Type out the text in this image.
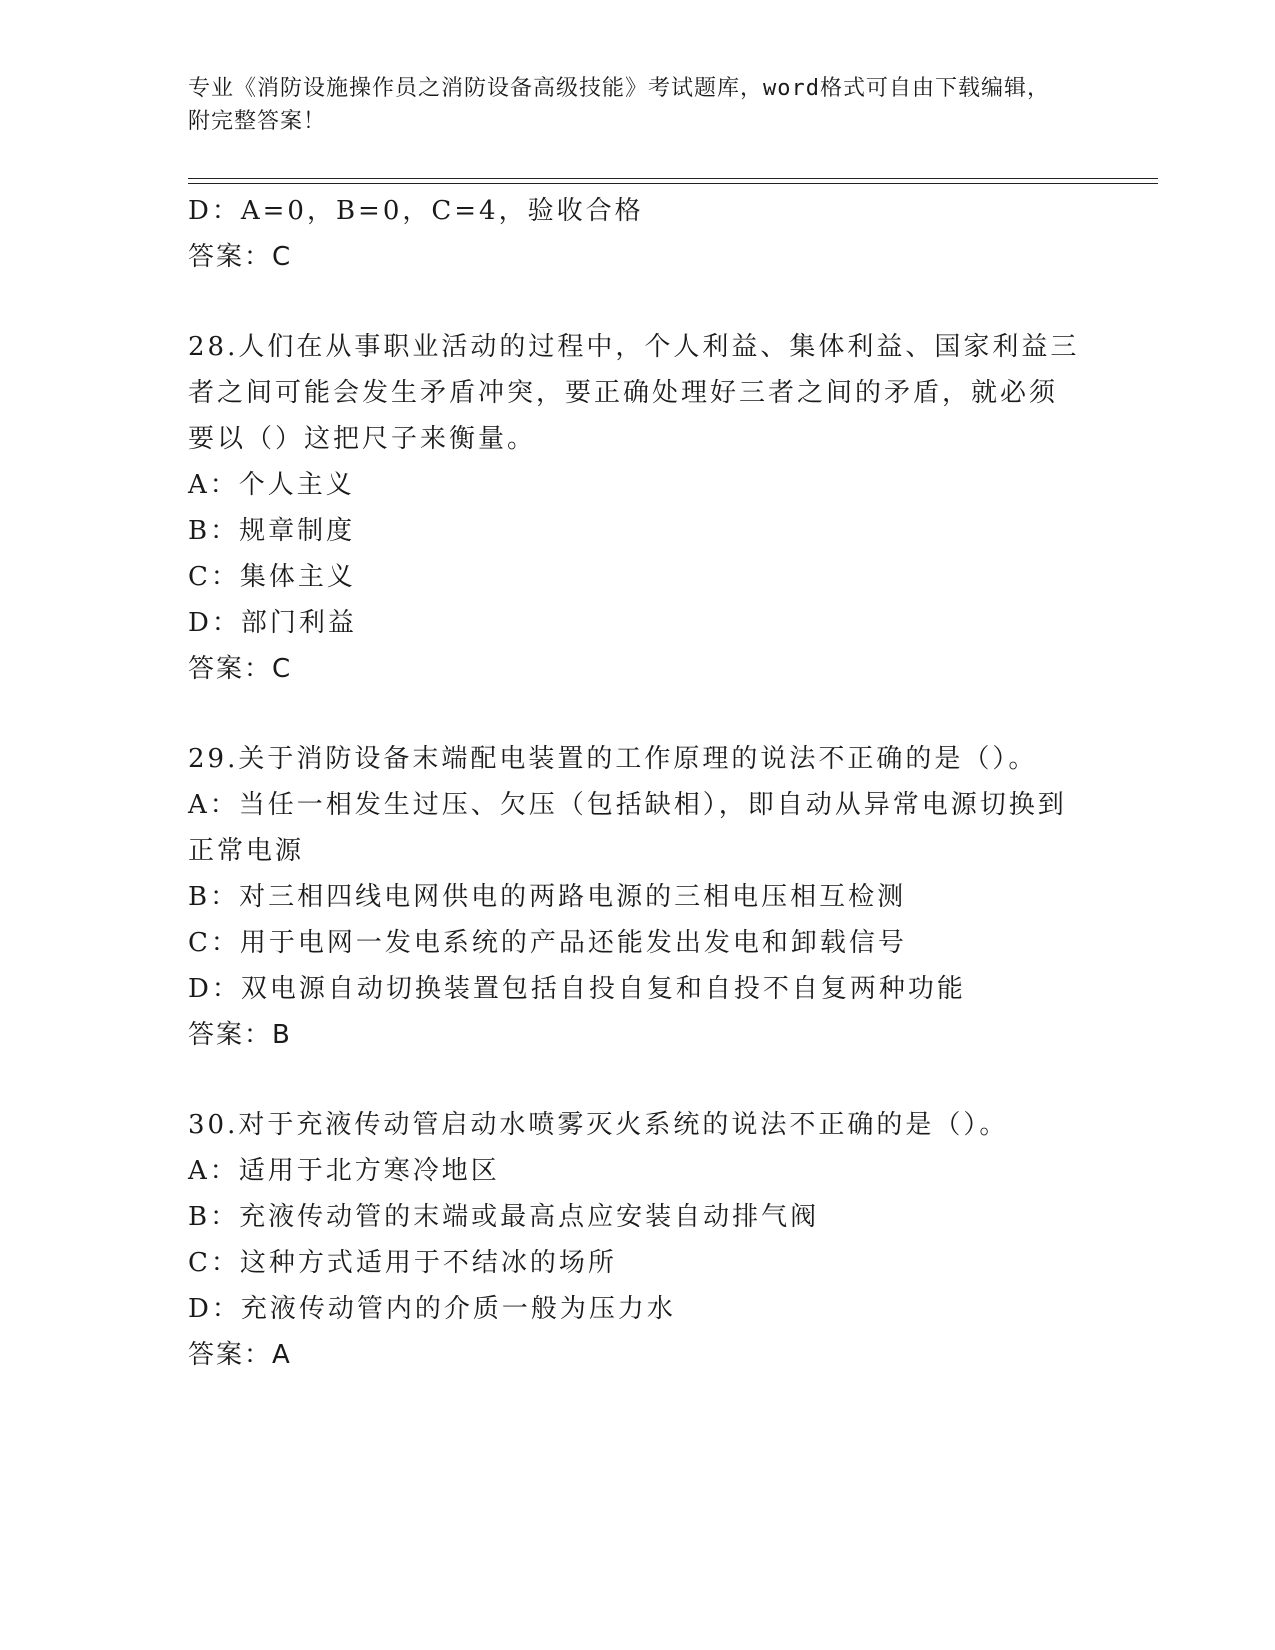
专业《消防设施操作员之消防设备高级技能》考试题库，word格式可自由下载编辑，附完整答案！
D：A=0，B=0，C=4，验收合格
答案：C
28.人们在从事职业活动的过程中，个人利益、集体利益、国家利益三
者之间可能会发生矛盾冲突，要正确处理好三者之间的矛盾，就必须
要以（）这把尺子来衡量。
A：个人主义
B：规章制度
C：集体主义
D：部门利益
答案：C
29.关于消防设备末端配电装置的工作原理的说法不正确的是（）。
A：当任一相发生过压、欠压（包括缺相），即自动从异常电源切换到
正常电源
B：对三相四线电网供电的两路电源的三相电压相互检测
C：用于电网一发电系统的产品还能发出发电和卸载信号
D：双电源自动切换装置包括自投自复和自投不自复两种功能
答案：B
30.对于充液传动管启动水喷雾灭火系统的说法不正确的是（）。
A：适用于北方寒冷地区
B：充液传动管的末端或最高点应安装自动排气阀
C：这种方式适用于不结冰的场所
D：充液传动管内的介质一般为压力水
答案：A
